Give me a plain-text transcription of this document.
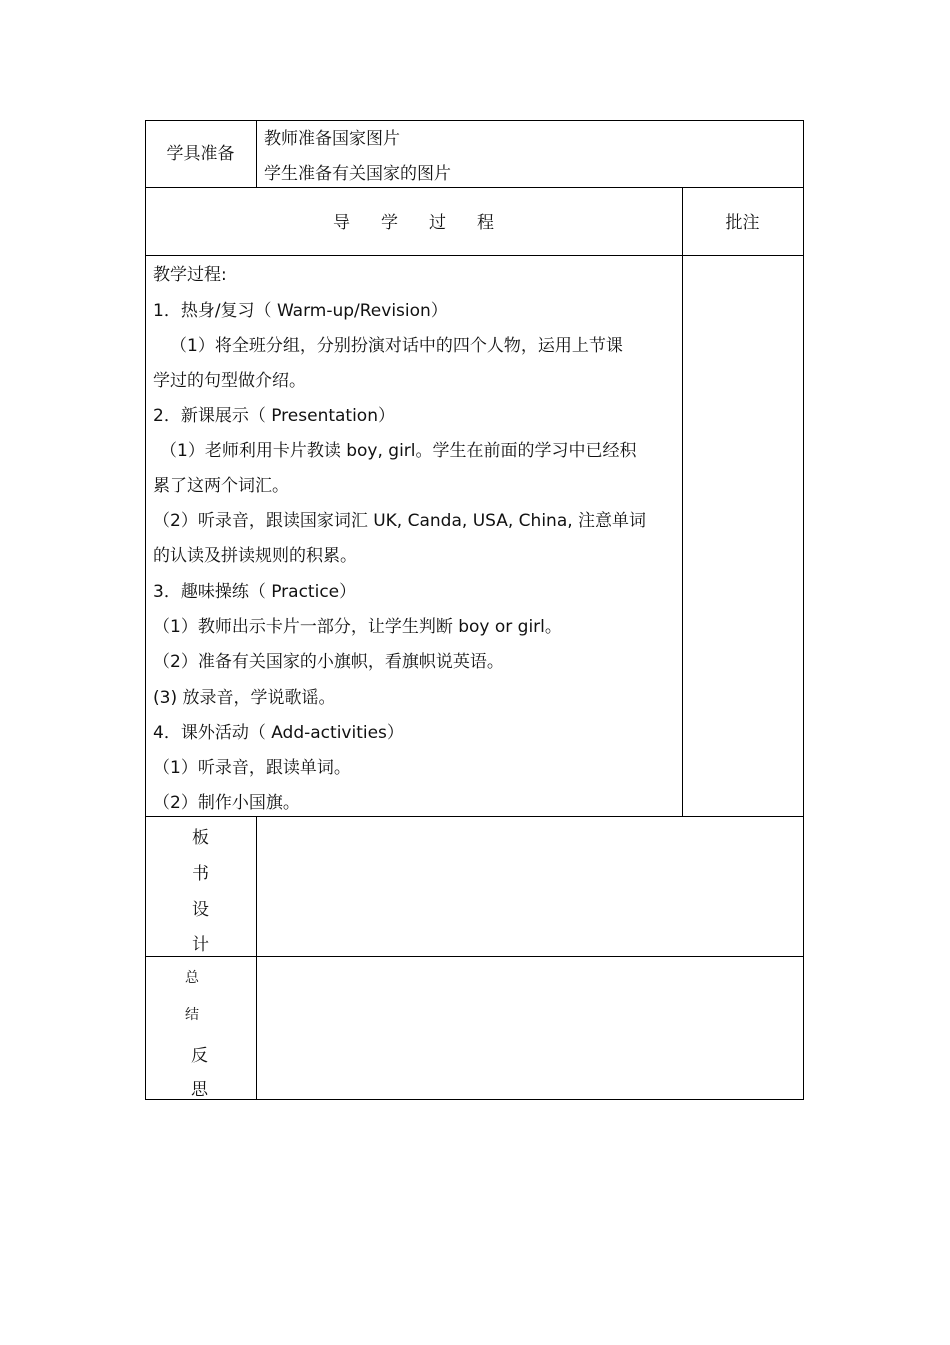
学具准备
教师准备国家图片
学生准备有关国家的图片
导 学 过 程	批注
教学过程:
1．热身/复习（ Warm-up/Revision）
（1）将全班分组，分别扮演对话中的四个人物，运用上节课
学过的句型做介绍。
2．新课展示（ Presentation）
（1）老师利用卡片教读 boy, girl。学生在前面的学习中已经积
累了这两个词汇。
（2）听录音，跟读国家词汇 UK, Canda, USA, China, 注意单词
的认读及拼读规则的积累。
3．趣味操练（ Practice）
（1）教师出示卡片一部分，让学生判断 boy or girl。
（2）准备有关国家的小旗帜，看旗帜说英语。
(3) 放录音，学说歌谣。
4．课外活动（ Add-activities）
（1）听录音，跟读单词。
（2）制作小国旗。
板
书
设
计
总
结
反
思
